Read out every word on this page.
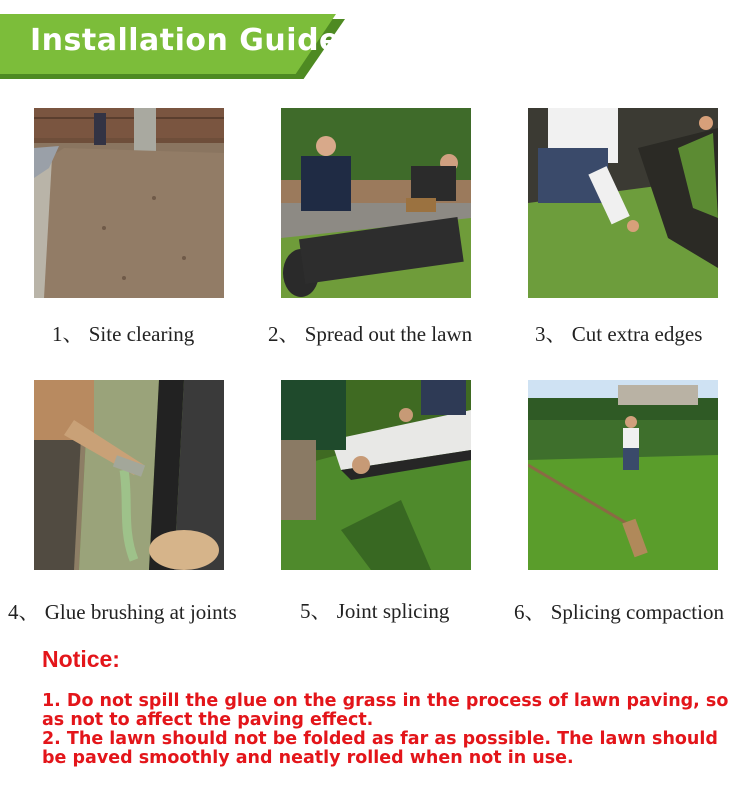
Installation Guide
1、 Site clearing	2、 Spread out the lawn	3、 Cut extra edges
4、 Glue brushing at joints	5、 Joint splicing	6、 Splicing compaction
Notice:
1. Do not spill the glue on the grass in the process of lawn paving, so as not to affect the paving effect.
2. The lawn should not be folded as far as possible. The lawn should be paved smoothly and neatly rolled when not in use.
